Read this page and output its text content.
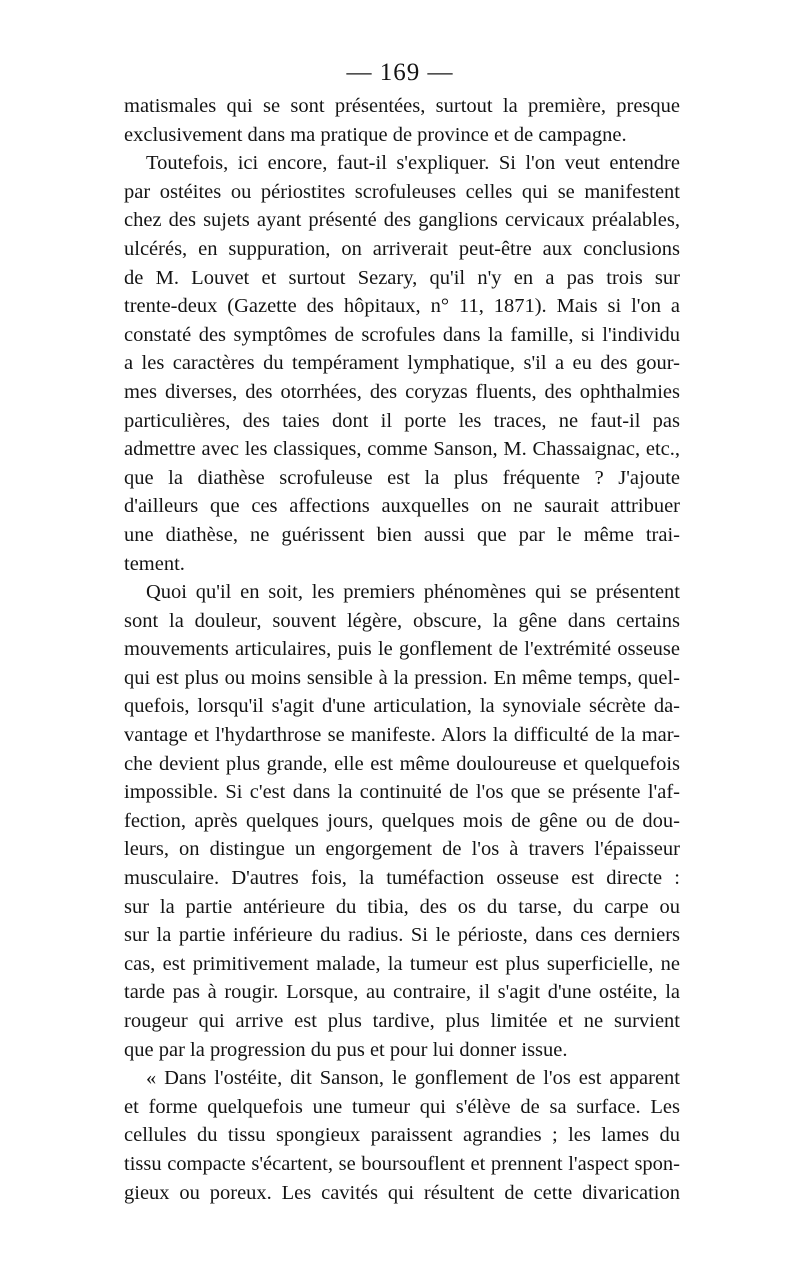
— 169 —
matismales qui se sont présentées, surtout la première, presque
exclusivement dans ma pratique de province et de campagne.
Toutefois, ici encore, faut-il s'expliquer. Si l'on veut entendre
par ostéites ou périostites scrofuleuses celles qui se manifestent
chez des sujets ayant présenté des ganglions cervicaux préalables,
ulcérés, en suppuration, on arriverait peut-être aux conclusions
de M. Louvet et surtout Sezary, qu'il n'y en a pas trois sur
trente-deux (Gazette des hôpitaux, n° 11, 1871). Mais si l'on a
constaté des symptômes de scrofules dans la famille, si l'individu
a les caractères du tempérament lymphatique, s'il a eu des gour-
mes diverses, des otorrhées, des coryzas fluents, des ophthalmies
particulières, des taies dont il porte les traces, ne faut-il pas
admettre avec les classiques, comme Sanson, M. Chassaignac, etc.,
que la diathèse scrofuleuse est la plus fréquente ? J'ajoute
d'ailleurs que ces affections auxquelles on ne saurait attribuer
une diathèse, ne guérissent bien aussi que par le même trai-
tement.
Quoi qu'il en soit, les premiers phénomènes qui se présentent
sont la douleur, souvent légère, obscure, la gêne dans certains
mouvements articulaires, puis le gonflement de l'extrémité osseuse
qui est plus ou moins sensible à la pression. En même temps, quel-
quefois, lorsqu'il s'agit d'une articulation, la synoviale sécrète da-
vantage et l'hydarthrose se manifeste. Alors la difficulté de la mar-
che devient plus grande, elle est même douloureuse et quelquefois
impossible. Si c'est dans la continuité de l'os que se présente l'af-
fection, après quelques jours, quelques mois de gêne ou de dou-
leurs, on distingue un engorgement de l'os à travers l'épaisseur
musculaire. D'autres fois, la tuméfaction osseuse est directe :
sur la partie antérieure du tibia, des os du tarse, du carpe ou
sur la partie inférieure du radius. Si le périoste, dans ces derniers
cas, est primitivement malade, la tumeur est plus superficielle, ne
tarde pas à rougir. Lorsque, au contraire, il s'agit d'une ostéite, la
rougeur qui arrive est plus tardive, plus limitée et ne survient
que par la progression du pus et pour lui donner issue.
« Dans l'ostéite, dit Sanson, le gonflement de l'os est apparent
et forme quelquefois une tumeur qui s'élève de sa surface. Les
cellules du tissu spongieux paraissent agrandies ; les lames du
tissu compacte s'écartent, se boursouflent et prennent l'aspect spon-
gieux ou poreux. Les cavités qui résultent de cette divarication
